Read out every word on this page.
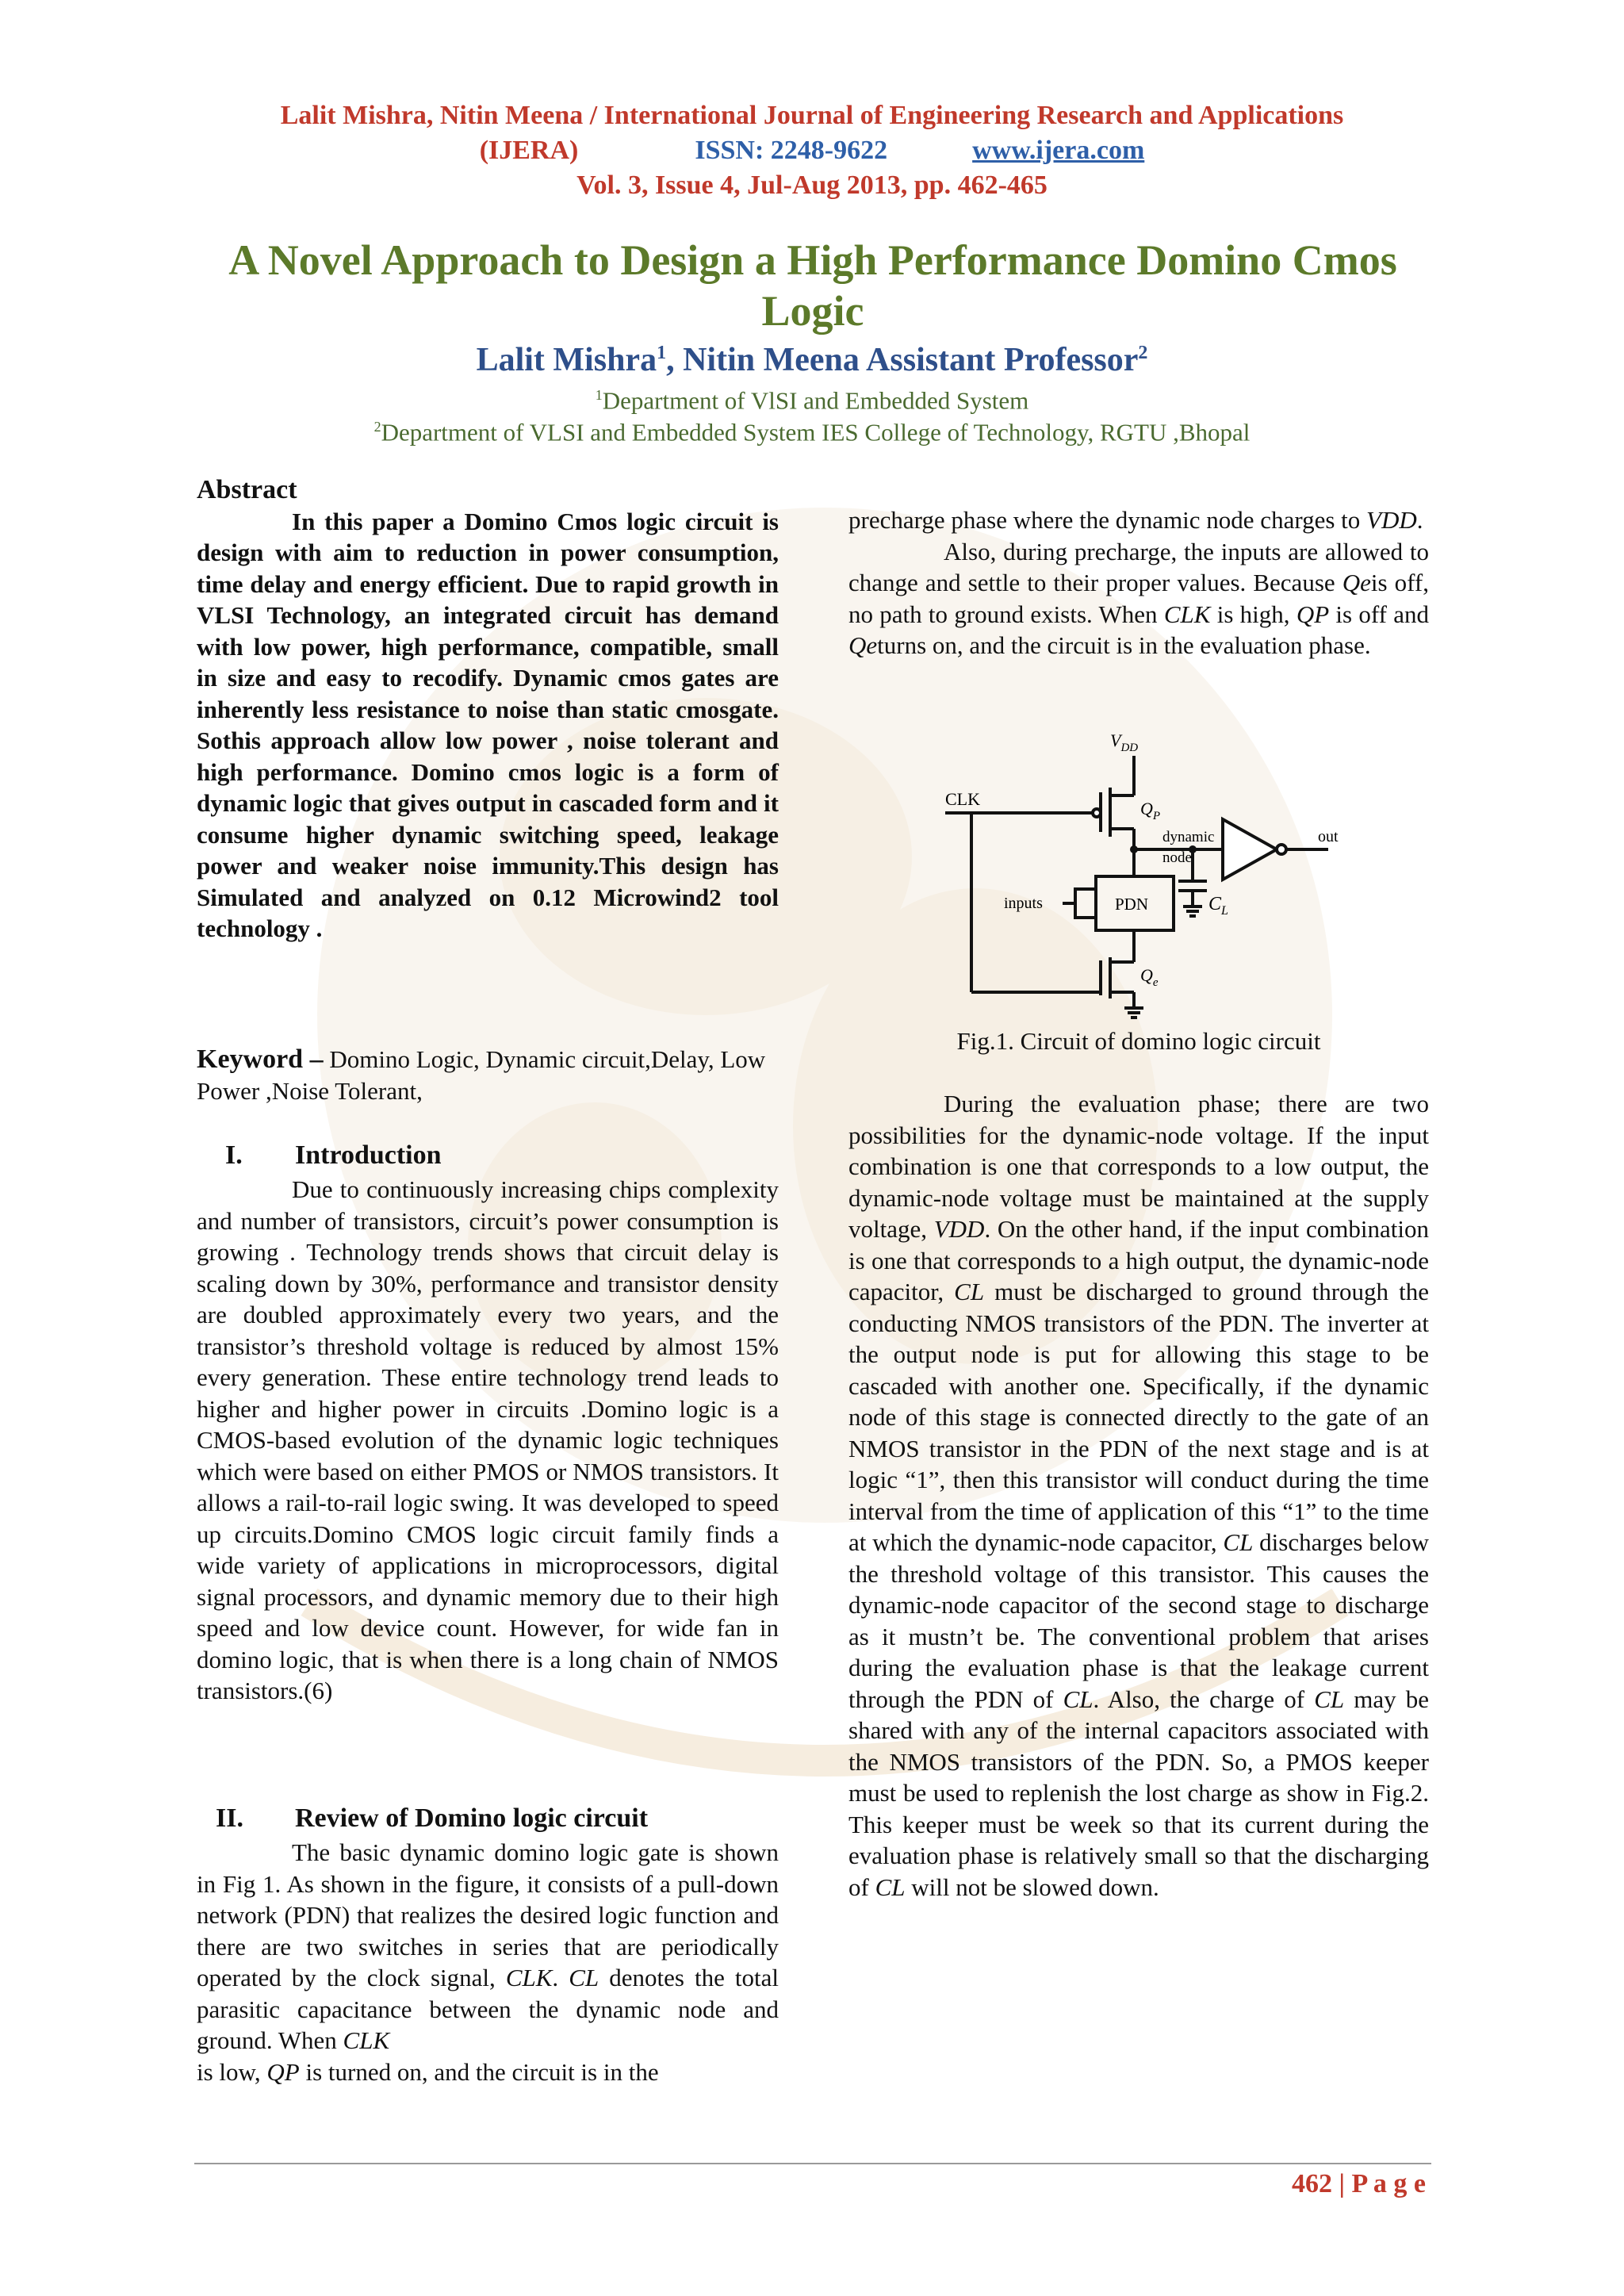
Lalit Mishra, Nitin Meena / International Journal of Engineering Research and Applications
(IJERA)	ISSN: 2248-9622	www.ijera.com
Vol. 3, Issue 4, Jul-Aug 2013, pp. 462-465
A Novel Approach to Design a High Performance Domino Cmos
Logic
Lalit Mishra$^1$, Nitin Meena Assistant Professor$^2$
$^1$Department of VlSI and Embedded System
$^2$Department of VLSI and Embedded System IES College of Technology, RGTU ,Bhopal
Abstract

In this paper a Domino Cmos logic circuit is design with aim to reduction in power consumption, time delay and energy efficient. Due to rapid growth in VLSI Technology, an integrated circuit has demand with low power, high performance, compatible, small in size and easy to recodify. Dynamic cmos gates are inherently less resistance to noise than static cmosgate. Sothis approach allow low power , noise tolerant and high performance. Domino cmos logic is a form of dynamic logic that gives output in cascaded form and it consume higher dynamic switching speed, leakage power and weaker noise immunity.This design has Simulated and analyzed on 0.12 Microwind2 tool technology .

Keyword – Domino Logic, Dynamic circuit,Delay, Low Power ,Noise Tolerant,

I. Introduction

Due to continuously increasing chips complexity and number of transistors, circuit’s power consumption is growing . Technology trends shows that circuit delay is scaling down by 30%, performance and transistor density are doubled approximately every two years, and the transistor’s threshold voltage is reduced by almost 15% every generation. These entire technology trend leads to higher and higher power in circuits .Domino logic is a CMOS-based evolution of the dynamic logic techniques which were based on either PMOS or NMOS transistors. It allows a rail-to-rail logic swing. It was developed to speed up circuits.Domino CMOS logic circuit family finds a wide variety of applications in microprocessors, digital signal processors, and dynamic memory due to their high speed and low device count. However, for wide fan in domino logic, that is when there is a long chain of NMOS transistors.(6)

II. Review of Domino logic circuit

The basic dynamic domino logic gate is shown in Fig 1. As shown in the figure, it consists of a pull-down network (PDN) that realizes the desired logic function and there are two switches in series that are periodically operated by the clock signal, CLK. CL denotes the total parasitic capacitance between the dynamic node and ground. When CLK
is low, QP is turned on, and the circuit is in the

precharge phase where the dynamic node charges to VDD.

Also, during precharge, the inputs are allowed to change and settle to their proper values. Because Qeis off, no path to ground exists. When CLK is high, QP is off and Qeturns on, and the circuit is in the evaluation phase.

$V_{DD}$
CLK	$Q_P$
dynamic
node
out
$C_L$
inputs	PDN
$Q_e$
Fig.1. Circuit of domino logic circuit

During the evaluation phase; there are two possibilities for the dynamic-node voltage. If the input combination is one that corresponds to a low output, the dynamic-node voltage must be maintained at the supply voltage, VDD. On the other hand, if the input combination is one that corresponds to a high output, the dynamic-node capacitor, CL must be discharged to ground through the conducting NMOS transistors of the PDN. The inverter at the output node is put for allowing this stage to be cascaded with another one. Specifically, if the dynamic node of this stage is connected directly to the gate of an NMOS transistor in the PDN of the next stage and is at logic “1”, then this transistor will conduct during the time interval from the time of application of this “1” to the time at which the dynamic-node capacitor, CL discharges below the threshold voltage of this transistor. This causes the dynamic-node capacitor of the second stage to discharge as it mustn’t be. The conventional problem that arises during the evaluation phase is that the leakage current through the PDN of CL. Also, the charge of CL may be shared with any of the internal capacitors associated with the NMOS transistors of the PDN. So, a PMOS keeper must be used to replenish the lost charge as show in Fig.2. This keeper must be week so that its current during the evaluation phase is relatively small so that the discharging of CL will not be slowed down.

462 | P a g e
